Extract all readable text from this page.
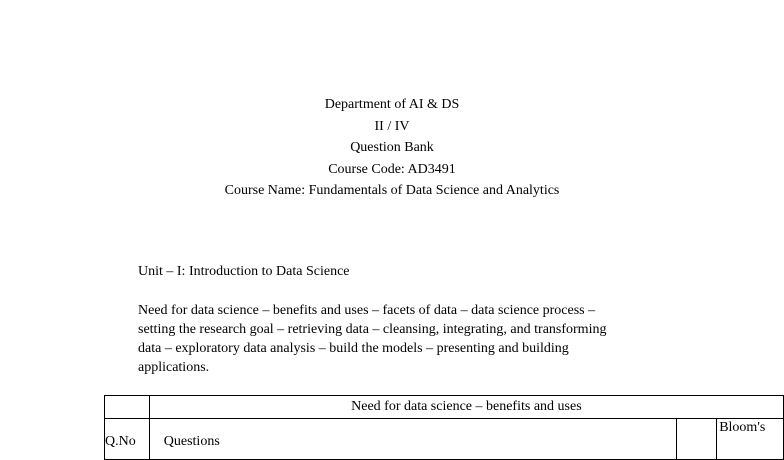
Department of AI & DS
II / IV
Question Bank
Course Code: AD3491
Course Name: Fundamentals of Data Science and Analytics
Unit – I: Introduction to Data Science
Need for data science – benefits and uses – facets of data – data science process –
setting the research goal – retrieving data – cleansing, integrating, and transforming
data – exploratory data analysis – build the models – presenting and building
applications.
	Need for data science – benefits and uses		
Q.No	Questions		Bloom's
